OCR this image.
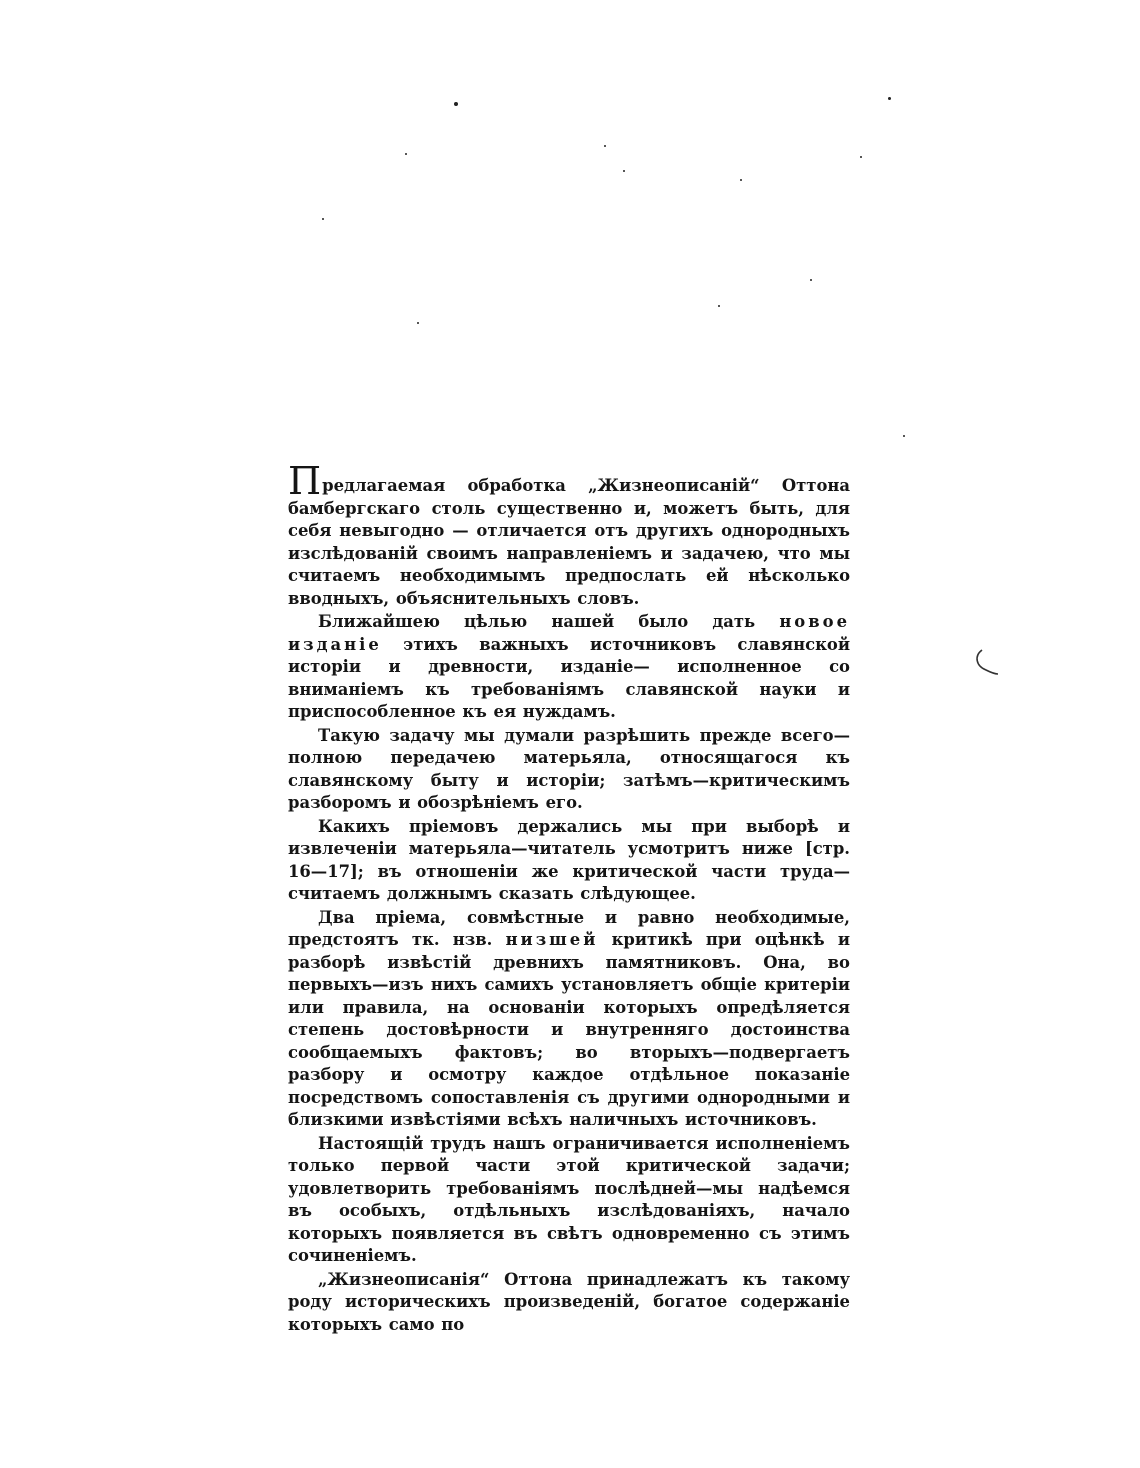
Предлагаемая обработка „Жизнеописаній“ Оттона бамбергскаго столь существенно и, можетъ быть, для себя невыгодно — отличается отъ другихъ однородныхъ изслѣдованій своимъ направленіемъ и задачею, что мы считаемъ необходимымъ предпослать ей нѣсколько вводныхъ, объяснительныхъ словъ.

Ближайшею цѣлью нашей было дать новое изданіе этихъ важныхъ источниковъ славянской исторіи и древности, изданіе— исполненное со вниманіемъ къ требованіямъ славянской науки и приспособленное къ ея нуждамъ.

Такую задачу мы думали разрѣшить прежде всего—полною передачею матерьяла, относящагося къ славянскому быту и исторіи; затѣмъ—критическимъ разборомъ и обозрѣніемъ его.

Какихъ пріемовъ держались мы при выборѣ и извлеченіи матерьяла—читатель усмотритъ ниже [стр. 16—17]; въ отношеніи же критической части труда—считаемъ должнымъ сказать слѣдующее.

Два пріема, совмѣстные и равно необходимые, предстоятъ тк. нзв. низшей критикѣ при оцѣнкѣ и разборѣ извѣстій древнихъ памятниковъ. Она, во первыхъ—изъ нихъ самихъ установляетъ общіе критеріи или правила, на основаніи которыхъ опредѣляется степень достовѣрности и внутренняго достоинства сообщаемыхъ фактовъ; во вторыхъ—подвергаетъ разбору и осмотру каждое отдѣльное показаніе посредствомъ сопоставленія съ другими однородными и близкими извѣстіями всѣхъ наличныхъ источниковъ.

Настоящій трудъ нашъ ограничивается исполненіемъ только первой части этой критической задачи; удовлетворить требованіямъ послѣдней—мы надѣемся въ особыхъ, отдѣльныхъ изслѣдованіяхъ, начало которыхъ появляется въ свѣтъ одновременно съ этимъ сочиненіемъ.

„Жизнеописанія“ Оттона принадлежатъ къ такому роду историческихъ произведеній, богатое содержаніе которыхъ само по
